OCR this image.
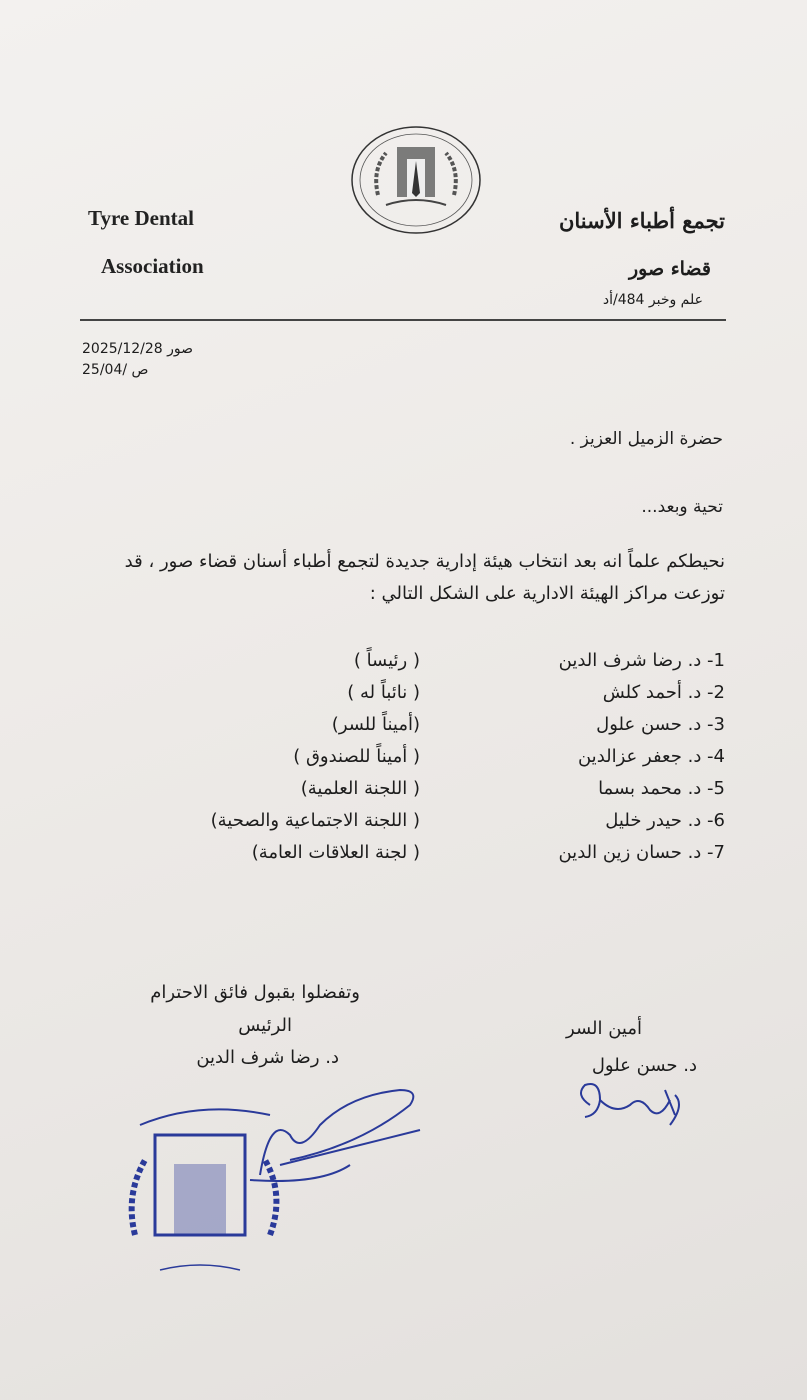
Tyre Dental
Association
تجمع أطباء الأسنان
قضاء صور
علم وخبر 484/أد
صور 2025/12/28
ص /25/04
حضرة الزميل العزيز .
تحية وبعد...
نحيطكم علماً انه بعد انتخاب هيئة إدارية جديدة لتجمع أطباء أسنان قضاء صور ، قد توزعت مراكز الهيئة الادارية على الشكل التالي :
1- د. رضا شرف الدين
( رئيساً )
2- د. أحمد كلش
( نائباً له )
3- د. حسن علول
(أميناً للسر)
4- د. جعفر عزالدين
( أميناً للصندوق )
5- د. محمد بسما
( اللجنة العلمية)
6- د. حيدر خليل
( اللجنة الاجتماعية والصحية)
7- د. حسان زين الدين
( لجنة العلاقات العامة)
وتفضلوا بقبول فائق الاحترام
الرئيس
د. رضا شرف الدين
أمين السر
د. حسن علول
